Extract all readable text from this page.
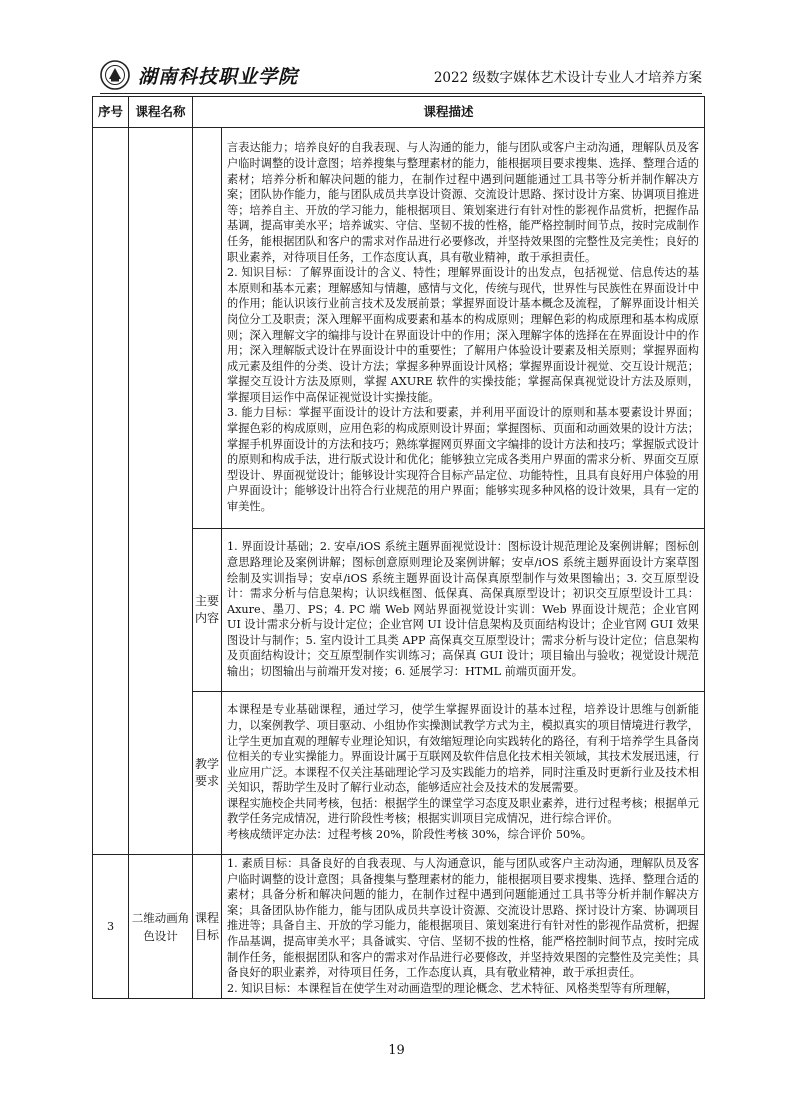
湖南科技职业学院	2022 级数字媒体艺术设计专业人才培养方案
序号	课程名称	课程描述	

			言表达能力；培养良好的自我表现、与人沟通的能力，能与团队或客户主动沟通，理解队员及客户临时调整的设计意图；培养搜集与整理素材的能力，能根据项目要求搜集、选择、整理合适的素材；培养分析和解决问题的能力，在制作过程中遇到问题能通过工具书等分析并制作解决方案；团队协作能力，能与团队成员共享设计资源、交流设计思路、探讨设计方案、协调项目推进等；培养自主、开放的学习能力，能根据项目、策划案进行有针对性的影视作品赏析，把握作品基调，提高审美水平；培养诚实、守信、坚韧不拔的性格，能严格控制时间节点，按时完成制作任务，能根据团队和客户的需求对作品进行必要修改，并坚持效果图的完整性及完美性；良好的职业素养，对待项目任务，工作态度认真，具有敬业精神，敢于承担责任。

2. 知识目标：了解界面设计的含义、特性；理解界面设计的出发点，包括视觉、信息传达的基本原则和基本元素；理解感知与情趣，感情与文化，传统与现代，世界性与民族性在界面设计中的作用；能认识该行业前言技术及发展前景；掌握界面设计基本概念及流程，了解界面设计相关岗位分工及职责；深入理解平面构成要素和基本的构成原则；理解色彩的构成原理和基本构成原则；深入理解文字的编排与设计在界面设计中的作用；深入理解字体的选择在在界面设计中的作用；深入理解版式设计在界面设计中的重要性；了解用户体验设计要素及相关原则；掌握界面构成元素及组件的分类、设计方法；掌握多种界面设计风格；掌握界面设计视觉、交互设计规范；掌握交互设计方法及原则，掌握 AXURE 软件的实操技能；掌握高保真视觉设计方法及原则，掌握项目运作中高保证视觉设计实操技能。

3. 能力目标：掌握平面设计的设计方法和要素，并利用平面设计的原则和基本要素设计界面；掌握色彩的构成原则，应用色彩的构成原则设计界面；掌握图标、页面和动画效果的设计方法；掌握手机界面设计的方法和技巧；熟练掌握网页界面文字编排的设计方法和技巧；掌握版式设计的原则和构成手法，进行版式设计和优化；能够独立完成各类用户界面的需求分析、界面交互原型设计、界面视觉设计；能够设计实现符合目标产品定位、功能特性，且具有良好用户体验的用户界面设计；能够设计出符合行业规范的用户界面；能够实现多种风格的设计效果，具有一定的审美性。

		主要内容	1. 界面设计基础；2. 安卓/iOS 系统主题界面视觉设计：图标设计规范理论及案例讲解；图标创意思路理论及案例讲解；图标创意原则理论及案例讲解；安卓/iOS 系统主题界面设计方案草图绘制及实训指导；安卓/iOS 系统主题界面设计高保真原型制作与效果图输出；3. 交互原型设计：需求分析与信息架构；认识线框图、低保真、高保真原型设计；初识交互原型设计工具：Axure、墨刀、PS；4. PC 端 Web 网站界面视觉设计实训：Web 界面设计规范；企业官网 UI 设计需求分析与设计定位；企业官网 UI 设计信息架构及页面结构设计；企业官网 GUI 效果图设计与制作；5. 室内设计工具类 APP 高保真交互原型设计；需求分析与设计定位；信息架构及页面结构设计；交互原型制作实训练习；高保真 GUI 设计；项目输出与验收；视觉设计规范输出；切图输出与前端开发对接；6. 延展学习：HTML 前端页面开发。

		教学要求	本课程是专业基础课程，通过学习，使学生掌握界面设计的基本过程，培养设计思维与创新能力，以案例教学、项目驱动、小组协作实操测试教学方式为主，模拟真实的项目情境进行教学，让学生更加直观的理解专业理论知识，有效缩短理论向实践转化的路径，有利于培养学生具备岗位相关的专业实操能力。界面设计属于互联网及软件信息化技术相关领域，其技术发展迅速，行业应用广泛。本课程不仅关注基础理论学习及实践能力的培养，同时注重及时更新行业及技术相关知识，帮助学生及时了解行业动态，能够适应社会及技术的发展需要。

课程实施校企共同考核，包括：根据学生的课堂学习态度及职业素养，进行过程考核；根据单元教学任务完成情况，进行阶段性考核；根据实训项目完成情况，进行综合评价。

考核成绩评定办法：过程考核 20%，阶段性考核 30%，综合评价 50%。

3	二维动画角色设计	课程目标	1. 素质目标：具备良好的自我表现、与人沟通意识，能与团队或客户主动沟通，理解队员及客户临时调整的设计意图；具备搜集与整理素材的能力，能根据项目要求搜集、选择、整理合适的素材；具备分析和解决问题的能力，在制作过程中遇到问题能通过工具书等分析并制作解决方案；具备团队协作能力，能与团队成员共享设计资源、交流设计思路、探讨设计方案、协调项目推进等；具备自主、开放的学习能力，能根据项目、策划案进行有针对性的影视作品赏析，把握作品基调，提高审美水平；具备诚实、守信、坚韧不拔的性格，能严格控制时间节点，按时完成制作任务，能根据团队和客户的需求对作品进行必要修改，并坚持效果图的完整性及完美性；具备良好的职业素养，对待项目任务，工作态度认真，具有敬业精神，敢于承担责任。

2. 知识目标：本课程旨在使学生对动画造型的理论概念、艺术特征、风格类型等有所理解，

19
